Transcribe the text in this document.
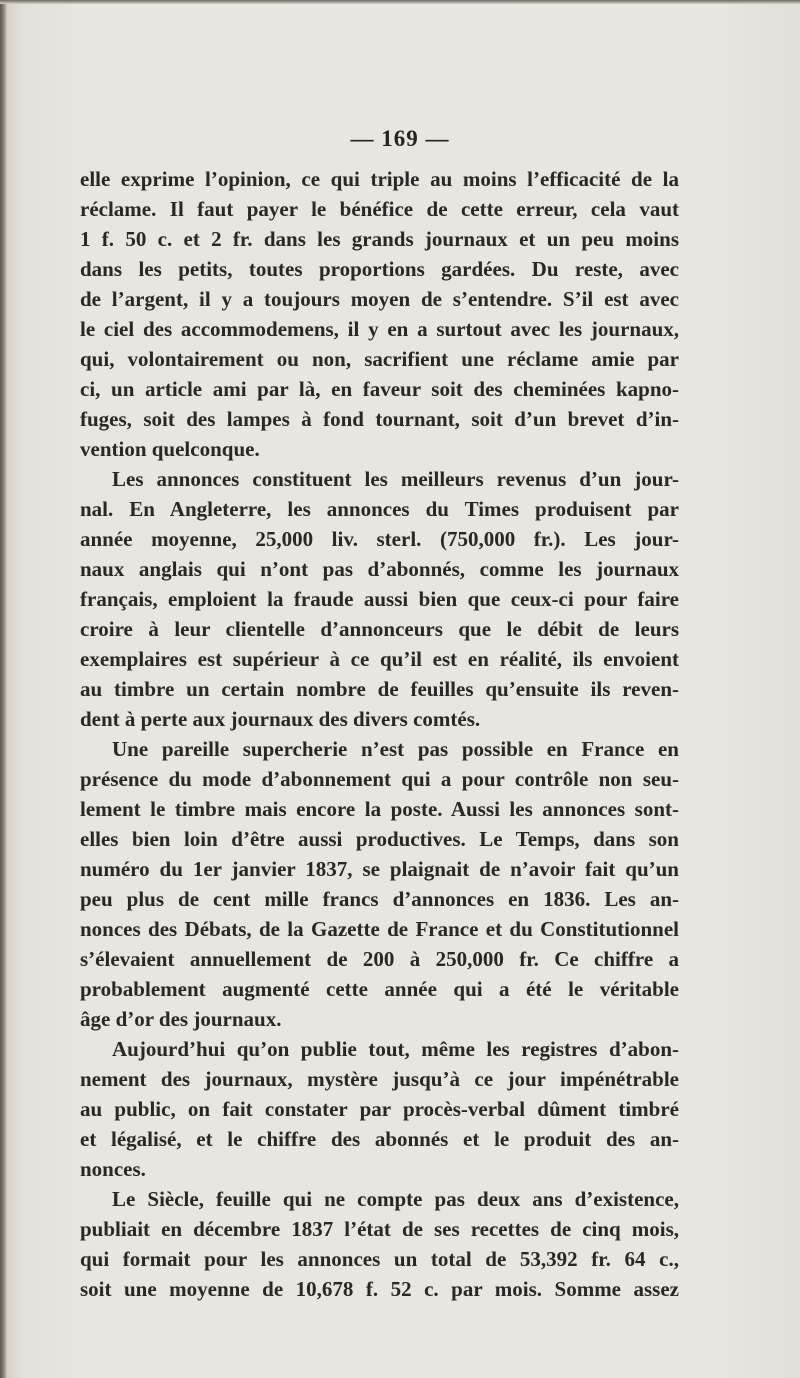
— 169 —
elle exprime l’opinion, ce qui triple au moins l’efficacité de la
réclame. Il faut payer le bénéfice de cette erreur, cela vaut
1 f. 50 c. et 2 fr. dans les grands journaux et un peu moins
dans les petits, toutes proportions gardées. Du reste, avec
de l’argent, il y a toujours moyen de s’entendre. S’il est avec
le ciel des accommodemens, il y en a surtout avec les journaux,
qui, volontairement ou non, sacrifient une réclame amie par
ci, un article ami par là, en faveur soit des cheminées kapno-
fuges, soit des lampes à fond tournant, soit d’un brevet d’in-
vention quelconque.
Les annonces constituent les meilleurs revenus d’un jour-
nal. En Angleterre, les annonces du Times produisent par
année moyenne, 25,000 liv. sterl. (750,000 fr.). Les jour-
naux anglais qui n’ont pas d’abonnés, comme les journaux
français, emploient la fraude aussi bien que ceux-ci pour faire
croire à leur clientelle d’annonceurs que le débit de leurs
exemplaires est supérieur à ce qu’il est en réalité, ils envoient
au timbre un certain nombre de feuilles qu’ensuite ils reven-
dent à perte aux journaux des divers comtés.
Une pareille supercherie n’est pas possible en France en
présence du mode d’abonnement qui a pour contrôle non seu-
lement le timbre mais encore la poste. Aussi les annonces sont-
elles bien loin d’être aussi productives. Le Temps, dans son
numéro du 1er janvier 1837, se plaignait de n’avoir fait qu’un
peu plus de cent mille francs d’annonces en 1836. Les an-
nonces des Débats, de la Gazette de France et du Constitutionnel
s’élevaient annuellement de 200 à 250,000 fr. Ce chiffre a
probablement augmenté cette année qui a été le véritable
âge d’or des journaux.
Aujourd’hui qu’on publie tout, même les registres d’abon-
nement des journaux, mystère jusqu’à ce jour impénétrable
au public, on fait constater par procès-verbal dûment timbré
et légalisé, et le chiffre des abonnés et le produit des an-
nonces.
Le Siècle, feuille qui ne compte pas deux ans d’existence,
publiait en décembre 1837 l’état de ses recettes de cinq mois,
qui formait pour les annonces un total de 53,392 fr. 64 c.,
soit une moyenne de 10,678 f. 52 c. par mois. Somme assez
